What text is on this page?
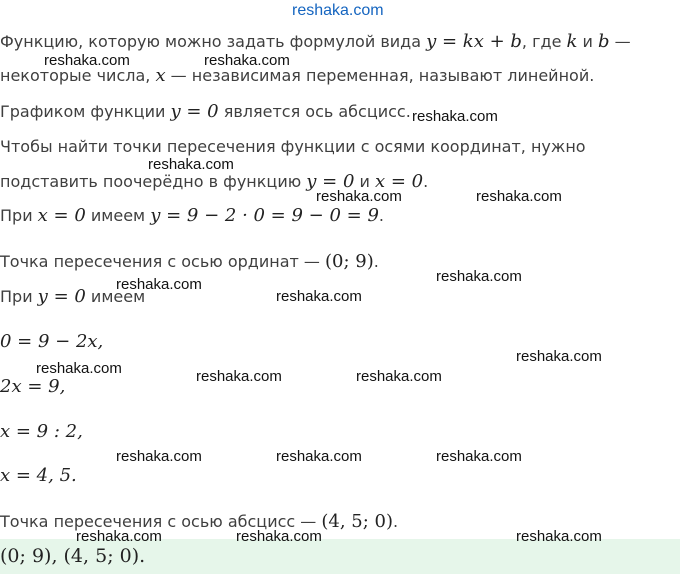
reshaka.com
Функцию, которую можно задать формулой вида y = kx + b, где k и b —
некоторые числа, x — независимая переменная, называют линейной.
Графиком функции y = 0 является ось абсцисс.
Чтобы найти точки пересечения функции с осями координат, нужно
подставить поочерёдно в функцию y = 0 и x = 0.
При x = 0 имеем y = 9 − 2 · 0 = 9 − 0 = 9.
Точка пересечения с осью ординат — (0; 9).
При y = 0 имеем
0 = 9 − 2x,
2x = 9,
x = 9 : 2,
x = 4, 5.
Точка пересечения с осью абсцисс — (4, 5; 0).
(0; 9), (4, 5; 0).
reshaka.com	reshaka.com
reshaka.com
reshaka.com
reshaka.com	reshaka.com
reshaka.com
reshaka.com
reshaka.com
reshaka.com
reshaka.com	reshaka.com	reshaka.com
reshaka.com	reshaka.com	reshaka.com
reshaka.com	reshaka.com	reshaka.com
